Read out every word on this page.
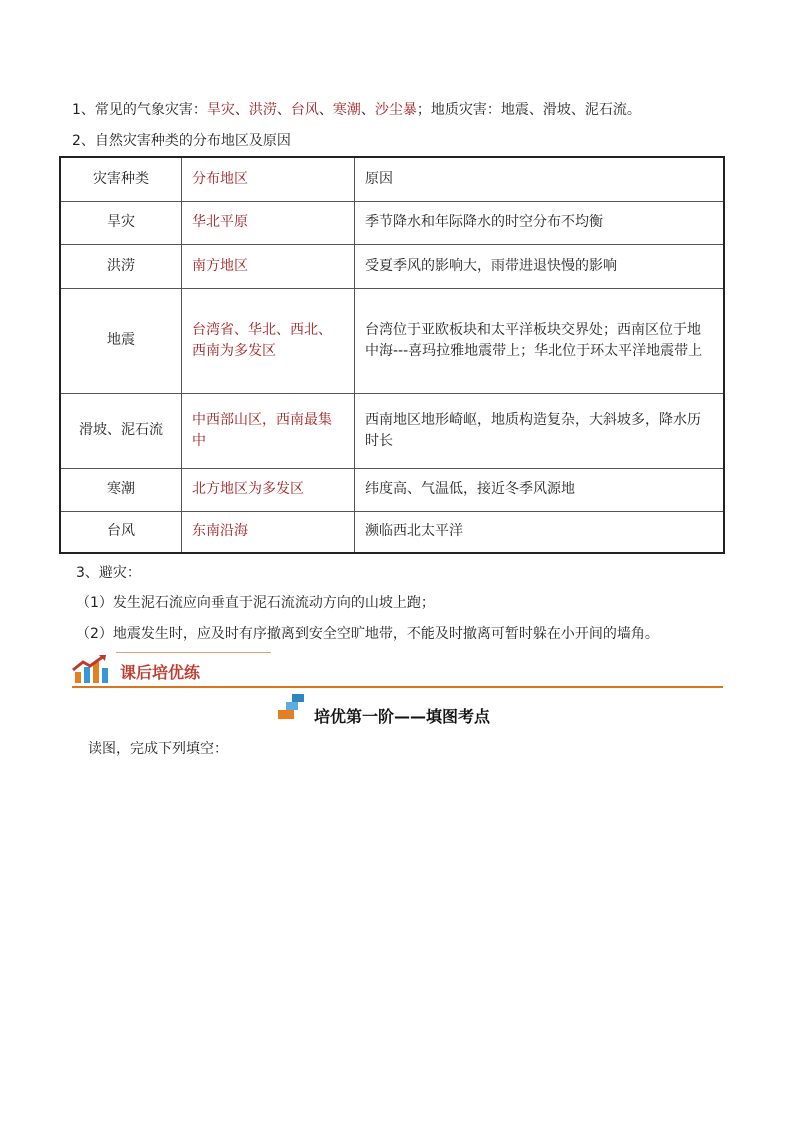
1、常见的气象灾害：旱灾、洪涝、台风、寒潮、沙尘暴；地质灾害：地震、滑坡、泥石流。
2、自然灾害种类的分布地区及原因
灾害种类	分布地区	原因
旱灾	华北平原	季节降水和年际降水的时空分布不均衡
洪涝	南方地区	受夏季风的影响大，雨带进退快慢的影响
地震	台湾省、华北、西北、西南为多发区	台湾位于亚欧板块和太平洋板块交界处；西南区位于地中海---喜玛拉雅地震带上；华北位于环太平洋地震带上
滑坡、泥石流	中西部山区，西南最集中	西南地区地形崎岖，地质构造复杂，大斜坡多，降水历时长
寒潮	北方地区为多发区	纬度高、气温低，接近冬季风源地
台风	东南沿海	濒临西北太平洋
3、避灾：
（1）发生泥石流应向垂直于泥石流流动方向的山坡上跑；
（2）地震发生时，应及时有序撤离到安全空旷地带，不能及时撤离可暂时躲在小开间的墙角。
课后培优练
培优第一阶——填图考点
读图，完成下列填空：
